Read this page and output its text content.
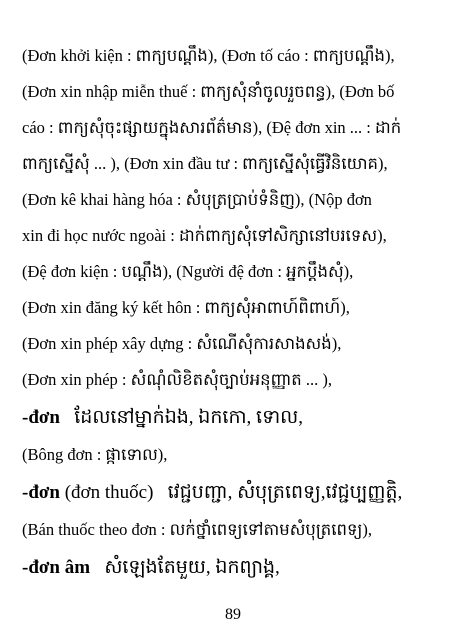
(Đơn khởi kiện : ពាក្យបណ្ដឹង), (Đơn tố cáo : ពាក្យបណ្ដឹង),
(Đơn xin nhập miễn thuế : ពាក្យសុំនាំចូលរួចពន្ធ), (Đơn bố
cáo : ពាក្យសុំចុះផ្សាយក្នុងសារព័ត៌មាន), (Đệ đơn xin ... : ដាក់
ពាក្យស្នើសុំ ... ), (Đơn xin đầu tư : ពាក្យស្នើសុំធ្វើវិនិយោគ),
(Đơn kê khai hàng hóa : សំបុត្រប្រាប់ទំនិញ), (Nộp đơn
xin đi học nước ngoài : ដាក់ពាក្យសុំទៅសិក្សានៅបរទេស),
(Đệ đơn kiện : បណ្ដឹង), (Người đệ đơn : អ្នកប្ដឹងសុំ),
(Đơn xin đăng ký kết hôn : ពាក្យសុំអាពាហ៍ពិពាហ៍),
(Đơn xin phép xây dựng : សំណើសុំការសាងសង់),
(Đơn xin phép : សំណុំលិខិតសុំច្បាប់អនុញ្ញាត ... ),
-đơn ដែលនៅម្នាក់ឯង, ឯកកោ, ទោល,
(Bông đơn : ផ្កាទោល),
-đơn (đơn thuốc) វេជ្ជបញ្ជា, សំបុត្រពេទ្យ,វេជ្ជប្បញ្ញត្តិ,
(Bán thuốc theo đơn : លក់ថ្នាំពេទ្យទៅតាមសំបុត្រពេទ្យ),
-đơn âm សំឡេងតែមួយ, ឯកព្យាង្គ,
89
